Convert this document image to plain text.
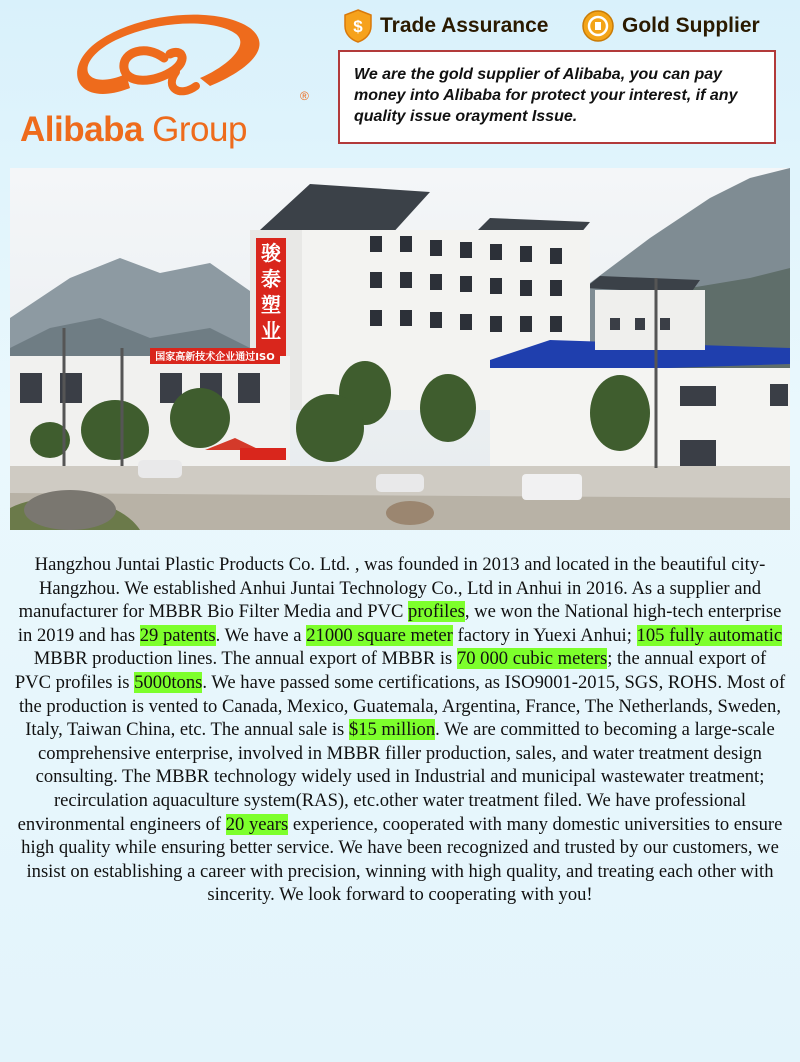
®
Alibaba Group
$ Trade Assurance	Gold Supplier
We are the gold supplier of Alibaba, you can pay money into Alibaba for protect your interest, if any quality issue orayment Issue.
骏
泰
塑
业
国家高新技术企业通过ISO
Hangzhou Juntai Plastic Products Co. Ltd. , was founded in 2013 and located in the beautiful city-Hangzhou. We established Anhui Juntai Technology Co., Ltd in Anhui in 2016. As a supplier and manufacturer for MBBR Bio Filter Media and PVC profiles, we won the National high-tech enterprise in 2019 and has 29 patents. We have a 21000 square meter factory in Yuexi Anhui; 105 fully automatic MBBR production lines. The annual export of MBBR is 70 000 cubic meters; the annual export of PVC profiles is 5000tons. We have passed some certifications, as ISO9001-2015, SGS, ROHS. Most of the production is vented to Canada, Mexico, Guatemala, Argentina, France, The Netherlands, Sweden, Italy, Taiwan China, etc. The annual sale is $15 million. We are committed to becoming a large-scale comprehensive enterprise, involved in MBBR filler production, sales, and water treatment design consulting. The MBBR technology widely used in Industrial and municipal wastewater treatment; recirculation aquaculture system(RAS), etc.other water treatment filed. We have professional environmental engineers of 20 years experience, cooperated with many domestic universities to ensure high quality while ensuring better service. We have been recognized and trusted by our customers, we insist on establishing a career with precision, winning with high quality, and treating each other with sincerity. We look forward to cooperating with you!
